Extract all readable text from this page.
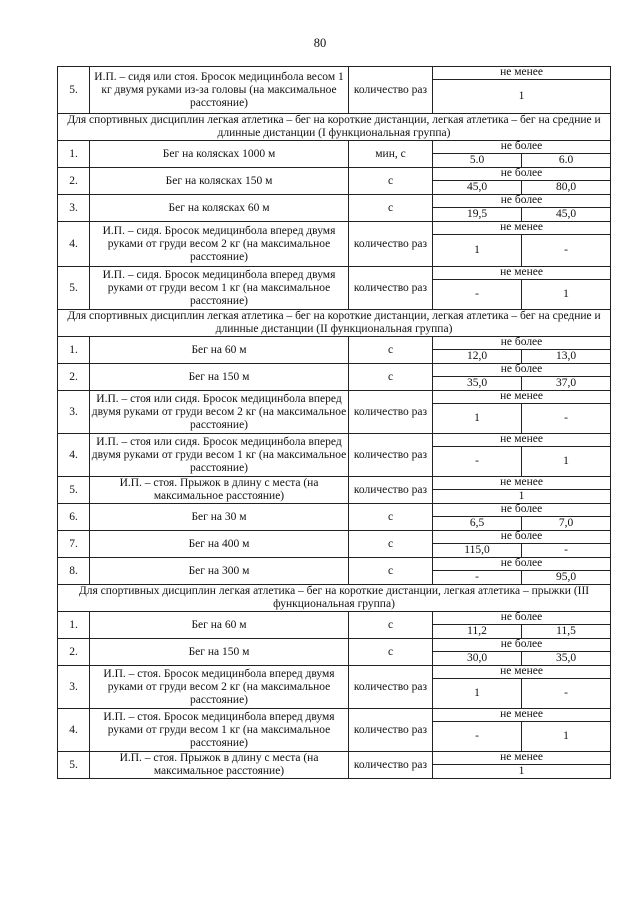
80
5.	И.П. – сидя или стоя. Бросок медицинбола весом 1 кг двумя руками из-за головы (на максимальное расстояние)	количество раз	не менее	
			1	
Для спортивных дисциплин легкая атлетика – бег на короткие дистанции, легкая атлетика – бег на средние и длинные дистанции (I функциональная группа)				
1.	Бег на колясках 1000 м	мин, с	не более	
			5.0	6.0
2.	Бег на колясках 150 м	с	не более	
			45,0	80,0
3.	Бег на колясках 60 м	с	не более	
			19,5	45,0
4.	И.П. – сидя. Бросок медицинбола вперед двумя руками от груди весом 2 кг (на максимальное расстояние)	количество раз	не менее	
			1	-
5.	И.П. – сидя. Бросок медицинбола вперед двумя руками от груди весом 1 кг (на максимальное расстояние)	количество раз	не менее	
			-	1
Для спортивных дисциплин легкая атлетика – бег на короткие дистанции, легкая атлетика – бег на средние и длинные дистанции (II функциональная группа)				
1.	Бег на 60 м	с	не более	
			12,0	13,0
2.	Бег на 150 м	с	не более	
			35,0	37,0
3.	И.П. – стоя или сидя. Бросок медицинбола вперед двумя руками от груди весом 2 кг (на максимальное расстояние)	количество раз	не менее	
			1	-
4.	И.П. – стоя или сидя. Бросок медицинбола вперед двумя руками от груди весом 1 кг (на максимальное расстояние)	количество раз	не менее	
			-	1
5.	И.П. – стоя. Прыжок в длину с места (на максимальное расстояние)	количество раз	не менее	
			1	
6.	Бег на 30 м	с	не более	
			6,5	7,0
7.	Бег на 400 м	с	не более	
			115,0	-
8.	Бег на 300 м	с	не более	
			-	95,0
Для спортивных дисциплин легкая атлетика – бег на короткие дистанции, легкая атлетика – прыжки (III функциональная группа)				
1.	Бег на 60 м	с	не более	
			11,2	11,5
2.	Бег на 150 м	с	не более	
			30,0	35,0
3.	И.П. – стоя. Бросок медицинбола вперед двумя руками от груди весом 2 кг (на максимальное расстояние)	количество раз	не менее	
			1	-
4.	И.П. – стоя. Бросок медицинбола вперед двумя руками от груди весом 1 кг (на максимальное расстояние)	количество раз	не менее	
			-	1
5.	И.П. – стоя. Прыжок в длину с места (на максимальное расстояние)	количество раз	не менее	
			1	
